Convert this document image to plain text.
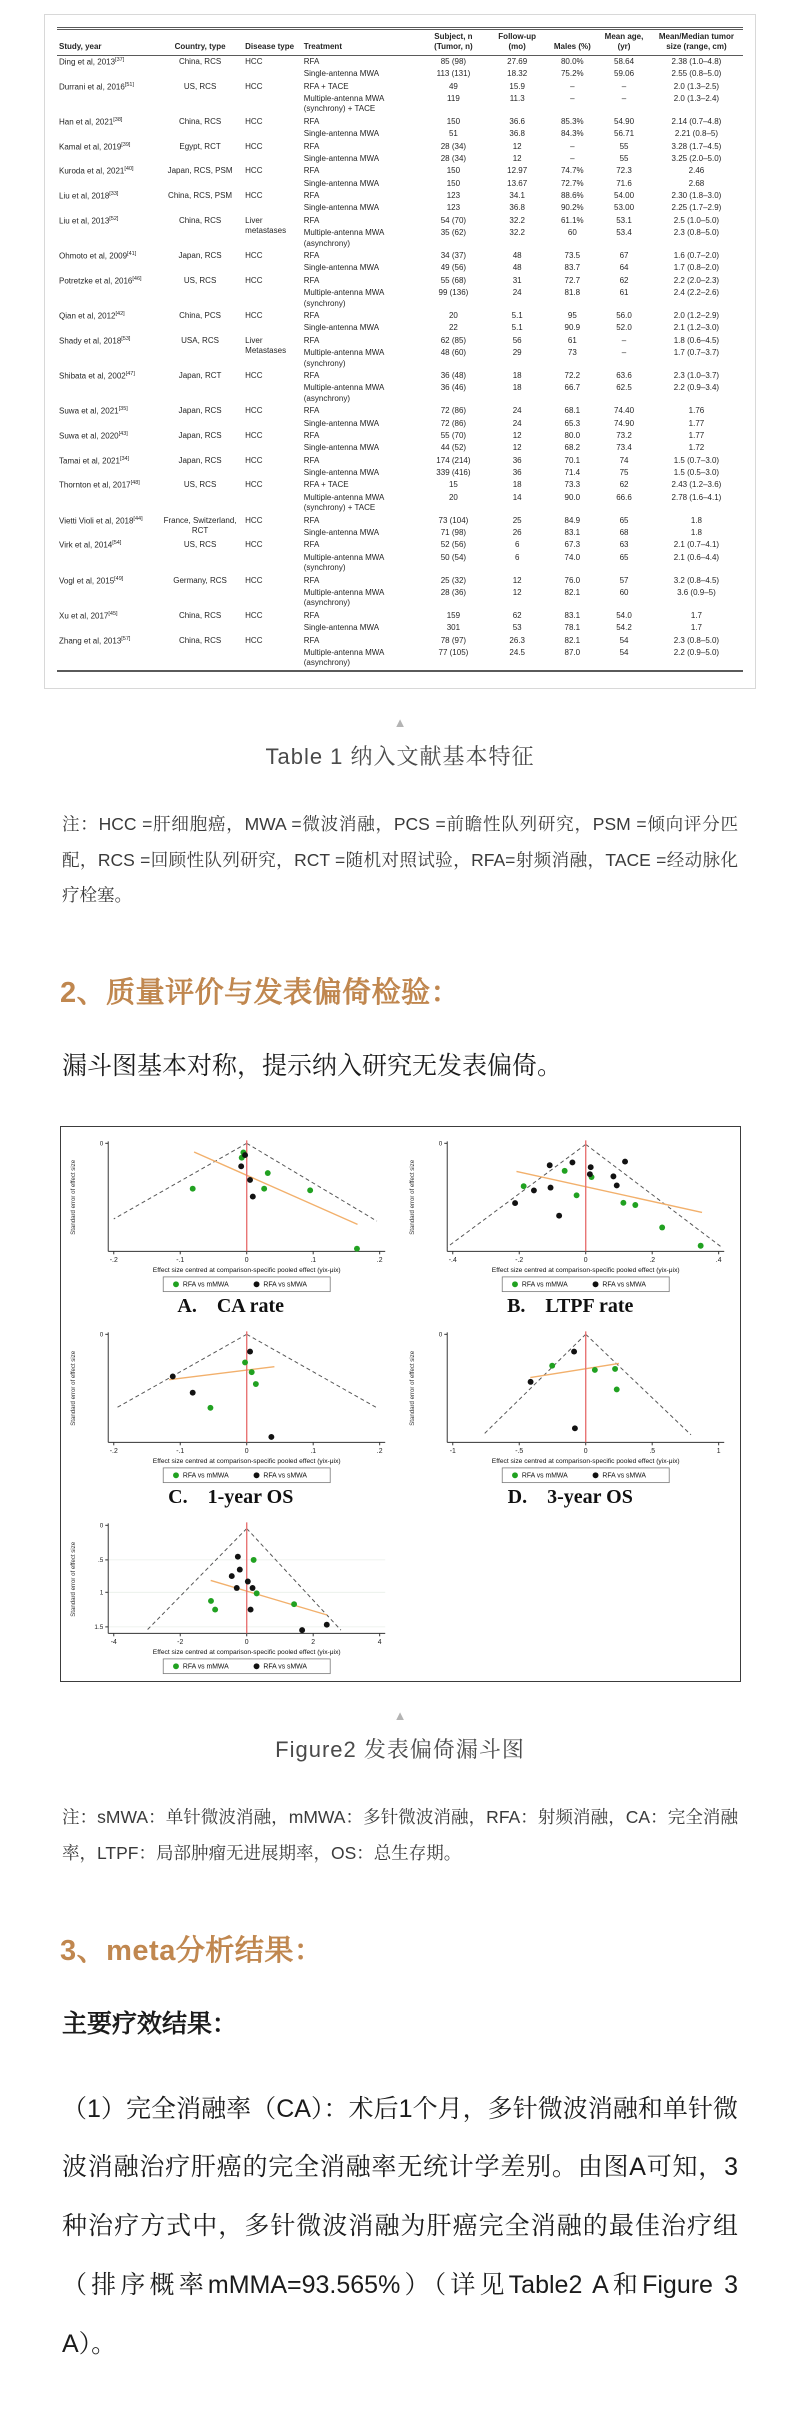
Study, year	Country, type	Disease type	Treatment	Subject, n (Tumor, n)	Follow-up (mo)	Males (%)	Mean age, (yr)	Mean/Median tumor size (range, cm)
Ding et al, 2013[37]	China, RCS	HCC	RFA	85 (98)	27.69	80.0%	58.64	2.38 (1.0–4.8)
			Single-antenna MWA	113 (131)	18.32	75.2%	59.06	2.55 (0.8–5.0)
Durrani et al, 2016[51]	US, RCS	HCC	RFA + TACE	49	15.9	–	–	2.0 (1.3–2.5)
			Multiple-antenna MWA (synchrony) + TACE	119	11.3	–	–	2.0 (1.3–2.4)
Han et al, 2021[38]	China, RCS	HCC	RFA	150	36.6	85.3%	54.90	2.14 (0.7–4.8)
			Single-antenna MWA	51	36.8	84.3%	56.71	2.21 (0.8–5)
Kamal et al, 2019[39]	Egypt, RCT	HCC	RFA	28 (34)	12	–	55	3.28 (1.7–4.5)
			Single-antenna MWA	28 (34)	12	–	55	3.25 (2.0–5.0)
Kuroda et al, 2021[40]	Japan, RCS, PSM	HCC	RFA	150	12.97	74.7%	72.3	2.46
			Single-antenna MWA	150	13.67	72.7%	71.6	2.68
Liu et al, 2018[33]	China, RCS, PSM	HCC	RFA	123	34.1	88.6%	54.00	2.30 (1.8–3.0)
			Single-antenna MWA	123	36.8	90.2%	53.00	2.25 (1.7–2.9)
Liu et al, 2013[52]	China, RCS	Liver metastases	RFA	54 (70)	32.2	61.1%	53.1	2.5 (1.0–5.0)
			Multiple-antenna MWA (asynchrony)	35 (62)	32.2	60	53.4	2.3 (0.8–5.0)
Ohmoto et al, 2009[41]	Japan, RCS	HCC	RFA	34 (37)	48	73.5	67	1.6 (0.7–2.0)
			Single-antenna MWA	49 (56)	48	83.7	64	1.7 (0.8–2.0)
Potretzke et al, 2016[46]	US, RCS	HCC	RFA	55 (68)	31	72.7	62	2.2 (2.0–2.3)
			Multiple-antenna MWA (synchrony)	99 (136)	24	81.8	61	2.4 (2.2–2.6)
Qian et al, 2012[42]	China, PCS	HCC	RFA	20	5.1	95	56.0	2.0 (1.2–2.9)
			Single-antenna MWA	22	5.1	90.9	52.0	2.1 (1.2–3.0)
Shady et al, 2018[53]	USA, RCS	Liver Metastases	RFA	62 (85)	56	61	–	1.8 (0.6–4.5)
			Multiple-antenna MWA (synchrony)	48 (60)	29	73	–	1.7 (0.7–3.7)
Shibata et al, 2002[47]	Japan, RCT	HCC	RFA	36 (48)	18	72.2	63.6	2.3 (1.0–3.7)
			Multiple-antenna MWA (asynchrony)	36 (46)	18	66.7	62.5	2.2 (0.9–3.4)
Suwa et al, 2021[35]	Japan, RCS	HCC	RFA	72 (86)	24	68.1	74.40	1.76
			Single-antenna MWA	72 (86)	24	65.3	74.90	1.77
Suwa et al, 2020[43]	Japan, RCS	HCC	RFA	55 (70)	12	80.0	73.2	1.77
			Single-antenna MWA	44 (52)	12	68.2	73.4	1.72
Tamai et al, 2021[34]	Japan, RCS	HCC	RFA	174 (214)	36	70.1	74	1.5 (0.7–3.0)
			Single-antenna MWA	339 (416)	36	71.4	75	1.5 (0.5–3.0)
Thornton et al, 2017[48]	US, RCS	HCC	RFA + TACE	15	18	73.3	62	2.43 (1.2–3.6)
			Multiple-antenna MWA (synchrony) + TACE	20	14	90.0	66.6	2.78 (1.6–4.1)
Vietti Violi et al, 2018[44]	France, Switzerland, RCT	HCC	RFA	73 (104)	25	84.9	65	1.8
			Single-antenna MWA	71 (98)	26	83.1	68	1.8
Virk et al, 2014[54]	US, RCS	HCC	RFA	52 (56)	6	67.3	63	2.1 (0.7–4.1)
			Multiple-antenna MWA (synchrony)	50 (54)	6	74.0	65	2.1 (0.6–4.4)
Vogl et al, 2015[49]	Germany, RCS	HCC	RFA	25 (32)	12	76.0	57	3.2 (0.8–4.5)
			Multiple-antenna MWA (asynchrony)	28 (36)	12	82.1	60	3.6 (0.9–5)
Xu et al, 2017[45]	China, RCS	HCC	RFA	159	62	83.1	54.0	1.7
			Single-antenna MWA	301	53	78.1	54.2	1.7
Zhang et al, 2013[57]	China, RCS	HCC	RFA	78 (97)	26.3	82.1	54	2.3 (0.8–5.0)
			Multiple-antenna MWA (asynchrony)	77 (105)	24.5	87.0	54	2.2 (0.9–5.0)
▲
Table 1 纳入文献基本特征

注：HCC =肝细胞癌，MWA =微波消融，PCS =前瞻性队列研究，PSM =倾向评分匹配，RCS =回顾性队列研究，RCT =随机对照试验，RFA=射频消融，TACE =经动脉化疗栓塞。

2、质量评价与发表偏倚检验：

漏斗图基本对称，提示纳入研究无发表偏倚。

0
-.2	-.1	0	.1	.2
Standard error of effect size
Effect size centred at comparison-specific pooled effect (yix-μix)
RFA vs mMWA	RFA vs sMWA
A.    CA rate
0
-.4	-.2	0	.2	.4
Standard error of effect size
Effect size centred at comparison-specific pooled effect (yix-μix)
RFA vs mMWA	RFA vs sMWA
B.    LTPF rate
0
-.2	-.1	0	.1	.2
Standard error of effect size
Effect size centred at comparison-specific pooled effect (yix-μix)
RFA vs mMWA	RFA vs sMWA
C.    1-year OS
0
-1	-.5	0	.5	1
Standard error of effect size
Effect size centred at comparison-specific pooled effect (yix-μix)
RFA vs mMWA	RFA vs sMWA
D.    3-year OS
0
.5
1
1.5
-4	-2	0	2	4
Standard error of effect size
Effect size centred at comparison-specific pooled effect (yix-μix)
RFA vs mMWA	RFA vs sMWA
▲
Figure2 发表偏倚漏斗图

注：sMWA：单针微波消融，mMWA：多针微波消融，RFA：射频消融，CA：完全消融率，LTPF：局部肿瘤无进展期率，OS：总生存期。

3、meta分析结果：

主要疗效结果：

（1）完全消融率（CA）：术后1个月，多针微波消融和单针微波消融治疗肝癌的完全消融率无统计学差别。由图A可知，3种治疗方式中，多针微波消融为肝癌完全消融的最佳治疗组（排序概率mMMA=93.565%）（详见Table2 A和Figure 3 A）。
